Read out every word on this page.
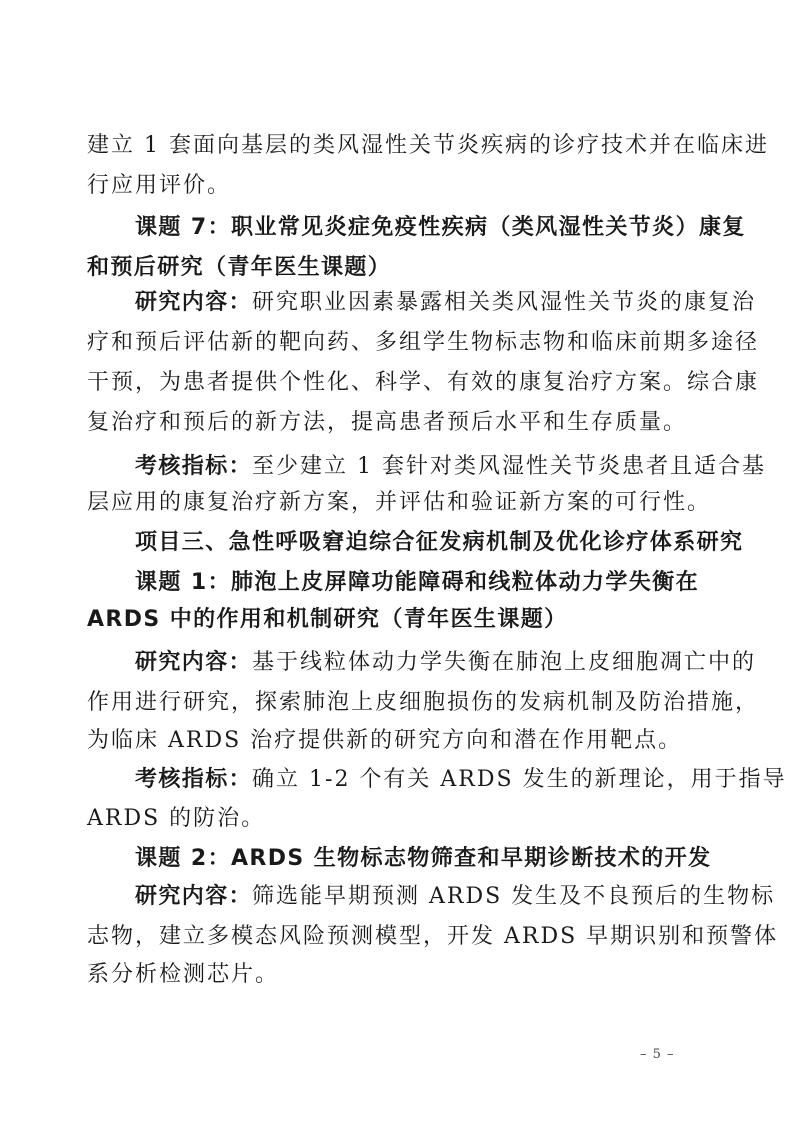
建立 1 套面向基层的类风湿性关节炎疾病的诊疗技术并在临床进
行应用评价。
课题 7：职业常见炎症免疫性疾病（类风湿性关节炎）康复
和预后研究（青年医生课题）
研究内容：研究职业因素暴露相关类风湿性关节炎的康复治
疗和预后评估新的靶向药、多组学生物标志物和临床前期多途径
干预，为患者提供个性化、科学、有效的康复治疗方案。综合康
复治疗和预后的新方法，提高患者预后水平和生存质量。
考核指标：至少建立 1 套针对类风湿性关节炎患者且适合基
层应用的康复治疗新方案，并评估和验证新方案的可行性。
项目三、急性呼吸窘迫综合征发病机制及优化诊疗体系研究
课题 1：肺泡上皮屏障功能障碍和线粒体动力学失衡在
ARDS 中的作用和机制研究（青年医生课题）
研究内容：基于线粒体动力学失衡在肺泡上皮细胞凋亡中的
作用进行研究，探索肺泡上皮细胞损伤的发病机制及防治措施，
为临床 ARDS 治疗提供新的研究方向和潜在作用靶点。
考核指标：确立 1-2 个有关 ARDS 发生的新理论，用于指导
ARDS 的防治。
课题 2：ARDS 生物标志物筛查和早期诊断技术的开发
研究内容：筛选能早期预测 ARDS 发生及不良预后的生物标
志物，建立多模态风险预测模型，开发 ARDS 早期识别和预警体
系分析检测芯片。
– 5 –
